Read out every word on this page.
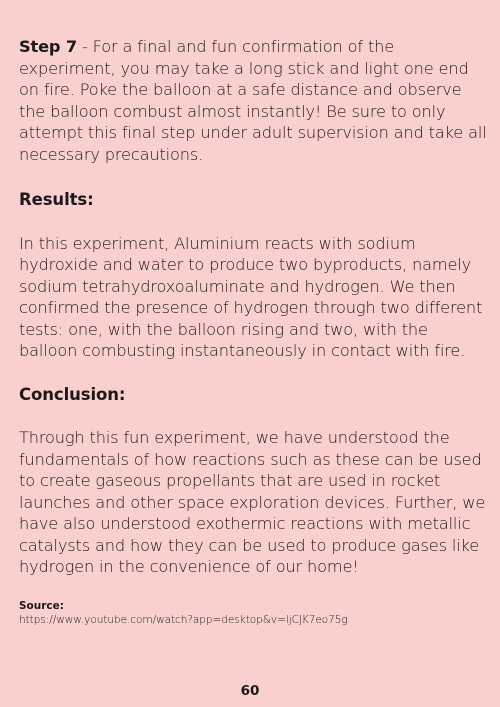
Step 7 - For a final and fun confirmation of the experiment, you may take a long stick and light one end on fire. Poke the balloon at a safe distance and observe the balloon combust almost instantly! Be sure to only attempt this final step under adult supervision and take all necessary precautions.

Results:

In this experiment, Aluminium reacts with sodium hydroxide and water to produce two byproducts, namely sodium tetrahydroxoaluminate and hydrogen. We then confirmed the presence of hydrogen through two different tests: one, with the balloon rising and two, with the balloon combusting instantaneously in contact with fire.

Conclusion:

Through this fun experiment, we have understood the fundamentals of how reactions such as these can be used to create gaseous propellants that are used in rocket launches and other space exploration devices. Further, we have also understood exothermic reactions with metallic catalysts and how they can be used to produce gases like hydrogen in the convenience of our home!

Source:
https://www.youtube.com/watch?app=desktop&v=ljCJK7eo75g
60
